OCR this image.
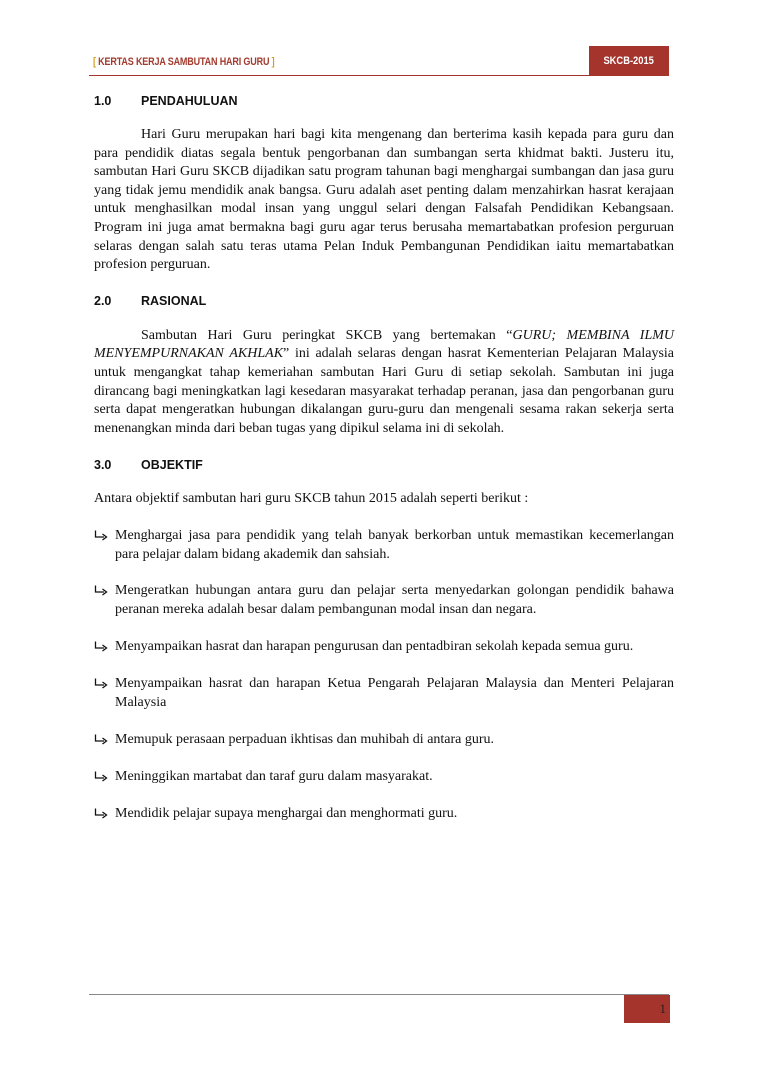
[ KERTAS KERJA SAMBUTAN HARI GURU ]	SKCB-2015
1.0	PENDAHULUAN

Hari Guru merupakan hari bagi kita mengenang dan berterima kasih kepada para guru dan para pendidik diatas segala bentuk pengorbanan dan sumbangan serta khidmat bakti. Justeru itu, sambutan Hari Guru SKCB dijadikan satu program tahunan bagi menghargai sumbangan dan jasa guru yang tidak jemu mendidik anak bangsa. Guru adalah aset penting dalam menzahirkan hasrat kerajaan untuk menghasilkan modal insan yang unggul selari dengan Falsafah Pendidikan Kebangsaan. Program ini juga amat bermakna bagi guru agar terus berusaha memartabatkan profesion perguruan selaras dengan salah satu teras utama Pelan Induk Pembangunan Pendidikan iaitu memartabatkan profesion perguruan.

2.0	RASIONAL

Sambutan Hari Guru peringkat SKCB yang bertemakan “GURU; MEMBINA ILMU MENYEMPURNAKAN AKHLAK” ini adalah selaras dengan hasrat Kementerian Pelajaran Malaysia untuk mengangkat tahap kemeriahan sambutan Hari Guru di setiap sekolah. Sambutan ini juga dirancang bagi meningkatkan lagi kesedaran masyarakat terhadap peranan, jasa dan pengorbanan guru serta dapat mengeratkan hubungan dikalangan guru-guru dan mengenali sesama rakan sekerja serta menenangkan minda dari beban tugas yang dipikul selama ini di sekolah.

3.0	OBJEKTIF

Antara objektif sambutan hari guru SKCB tahun 2015 adalah seperti berikut :

Menghargai jasa para pendidik yang telah banyak berkorban untuk memastikan kecemerlangan para pelajar dalam bidang akademik dan sahsiah.
Mengeratkan hubungan antara guru dan pelajar serta menyedarkan golongan pendidik bahawa peranan mereka adalah besar dalam pembangunan modal insan dan negara.
Menyampaikan hasrat dan harapan pengurusan dan pentadbiran sekolah kepada semua guru.
Menyampaikan hasrat dan harapan Ketua Pengarah Pelajaran Malaysia dan Menteri Pelajaran Malaysia
Memupuk perasaan perpaduan ikhtisas dan muhibah di antara guru.
Meninggikan martabat dan taraf guru dalam masyarakat.
Mendidik pelajar supaya menghargai dan menghormati guru.
1
